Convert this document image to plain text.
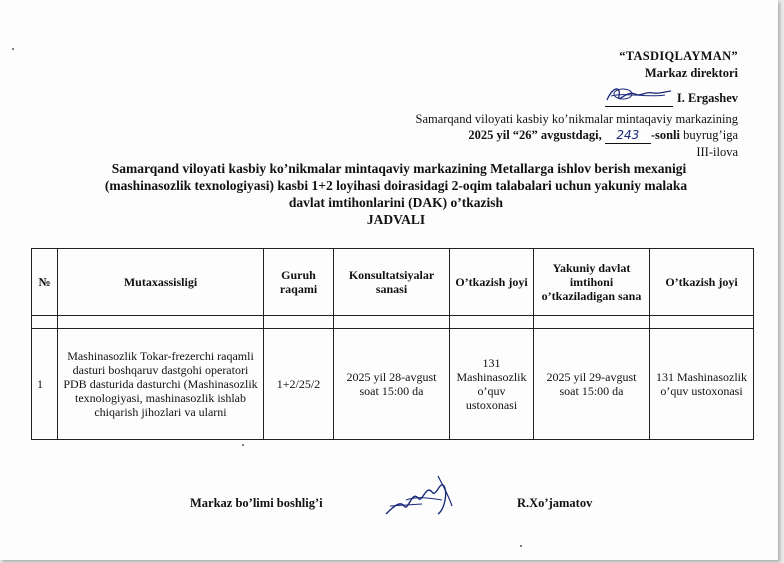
“TASDIQLAYMAN”
Markaz direktori
I. Ergashev
Samarqand viloyati kasbiy ko’nikmalar mintaqaviy markazining
2025 yil “26” avgustdagi, 243 -sonli buyrug’iga
III-ilova
Samarqand viloyati kasbiy ko’nikmalar mintaqaviy markazining Metallarga ishlov berish mexanigi
(mashinasozlik texnologiyasi) kasbi 1+2 loyihasi doirasidagi 2-oqim talabalari uchun yakuniy malaka
davlat imtihonlarini (DAK) o’tkazish
JADVALI
№	Mutaxassisligi	Guruh raqami	Konsultatsiyalar sanasi	O’tkazish joyi	Yakuniy davlat imtihoni o’tkaziladigan sana	O’tkazish joyi

1	Mashinasozlik Tokar-frezerchi raqamli dasturi boshqaruv dastgohi operatori PDB dasturida dasturchi (Mashinasozlik texnologiyasi, mashinasozlik ishlab chiqarish jihozlari va ularni	1+2/25/2	2025 yil 28-avgust soat 15:00 da	131 Mashinasozlik o’quv ustoxonasi	2025 yil 29-avgust soat 15:00 da	131 Mashinasozlik o’quv ustoxonasi
Markaz bo’limi boshlig’i	R.Xo’jamatov
